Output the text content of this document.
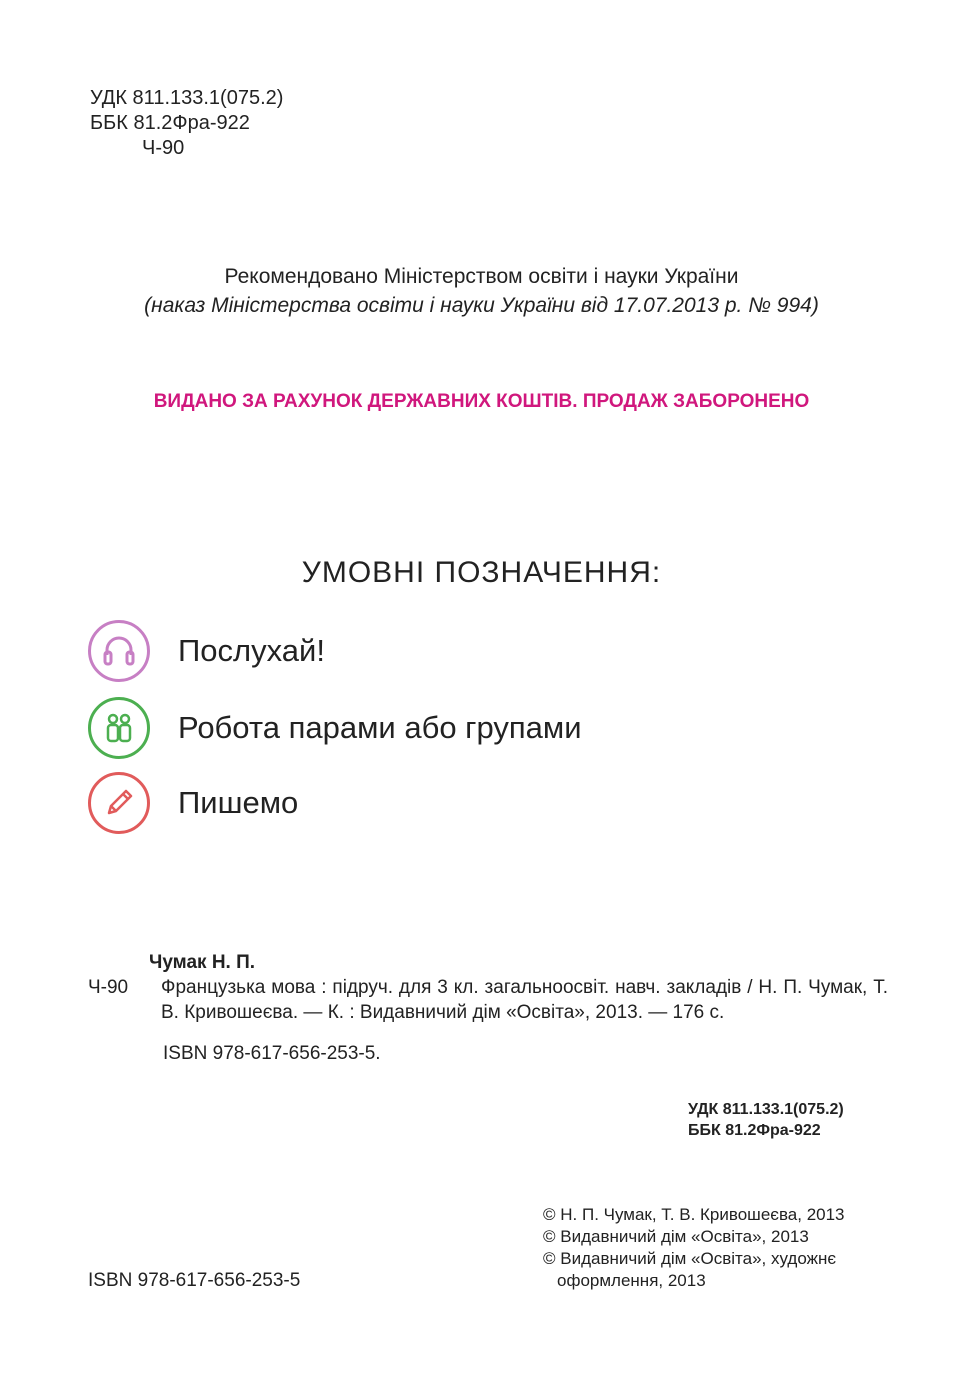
УДК 811.133.1(075.2)
ББК 81.2Фра-922
Ч-90
Рекомендовано Міністерством освіти і науки України
(наказ Міністерства освіти і науки України від 17.07.2013 р. № 994)
ВИДАНО ЗА РАХУНОК ДЕРЖАВНИХ КОШТІВ. ПРОДАЖ ЗАБОРОНЕНО
УМОВНІ ПОЗНАЧЕННЯ:
Послухай!
Робота парами або групами
Пишемо
Чумак Н. П.
Ч-90	Французька мова : підруч. для 3 кл. загальноосвіт. навч. закладів / Н. П. Чумак, Т. В. Кривошеєва. — К. : Видавничий дім «Освіта», 2013. — 176 с.
ISBN 978-617-656-253-5.
УДК 811.133.1(075.2)
ББК 81.2Фра-922
© Н. П. Чумак, Т. В. Кривошеєва, 2013
© Видавничий дім «Освіта», 2013
© Видавничий дім «Освіта», художнє
оформлення, 2013
ISBN 978-617-656-253-5
